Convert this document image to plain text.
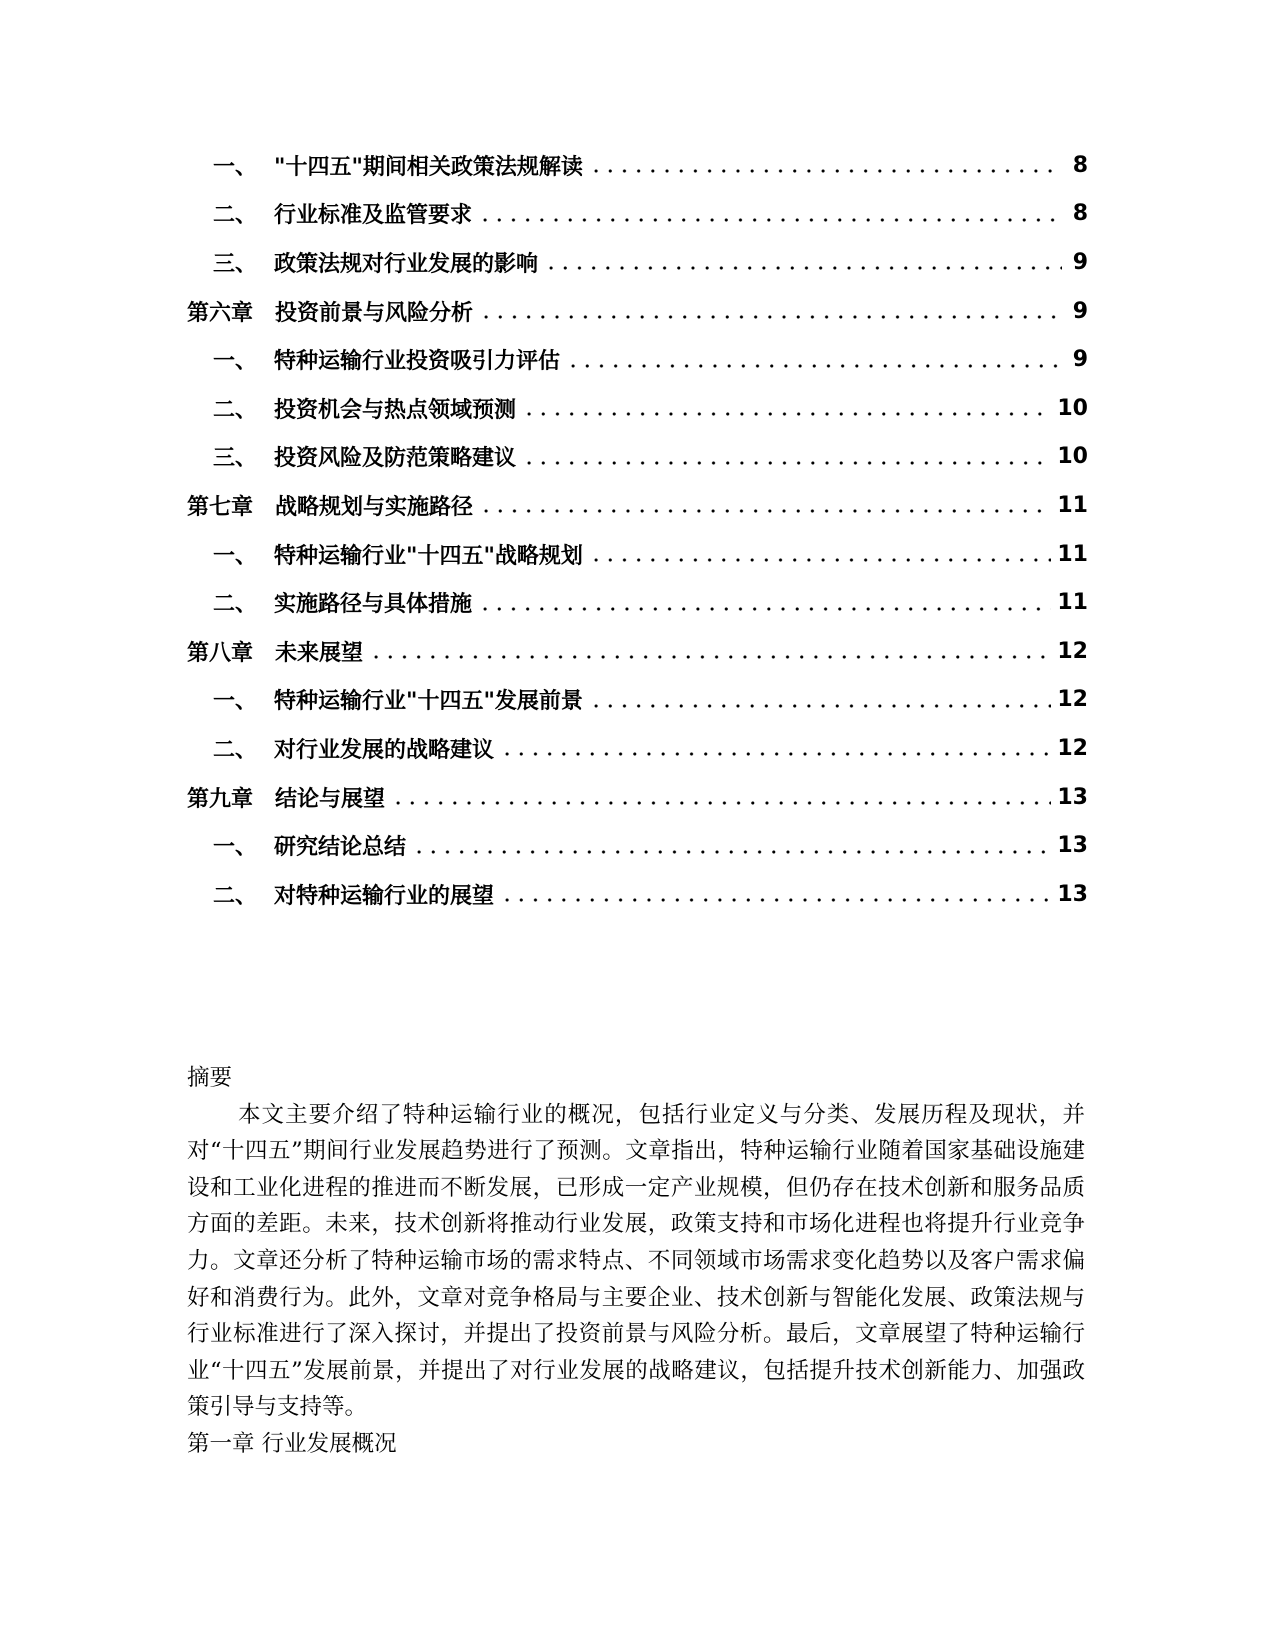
一、 "十四五"期间相关政策法规解读	8
二、 行业标准及监管要求	8
三、 政策法规对行业发展的影响	9
第六章 投资前景与风险分析	9
一、 特种运输行业投资吸引力评估	9
二、 投资机会与热点领域预测	10
三、 投资风险及防范策略建议	10
第七章 战略规划与实施路径	11
一、 特种运输行业"十四五"战略规划	11
二、 实施路径与具体措施	11
第八章 未来展望	12
一、 特种运输行业"十四五"发展前景	12
二、 对行业发展的战略建议	12
第九章 结论与展望	13
一、 研究结论总结	13
二、 对特种运输行业的展望	13
摘要

本文主要介绍了特种运输行业的概况，包括行业定义与分类、发展历程及现状，并对“十四五”期间行业发展趋势进行了预测。文章指出，特种运输行业随着国家基础设施建设和工业化进程的推进而不断发展，已形成一定产业规模，但仍存在技术创新和服务品质方面的差距。未来，技术创新将推动行业发展，政策支持和市场化进程也将提升行业竞争力。文章还分析了特种运输市场的需求特点、不同领域市场需求变化趋势以及客户需求偏好和消费行为。此外，文章对竞争格局与主要企业、技术创新与智能化发展、政策法规与行业标准进行了深入探讨，并提出了投资前景与风险分析。最后，文章展望了特种运输行业“十四五”发展前景，并提出了对行业发展的战略建议，包括提升技术创新能力、加强政策引导与支持等。

第一章 行业发展概况
